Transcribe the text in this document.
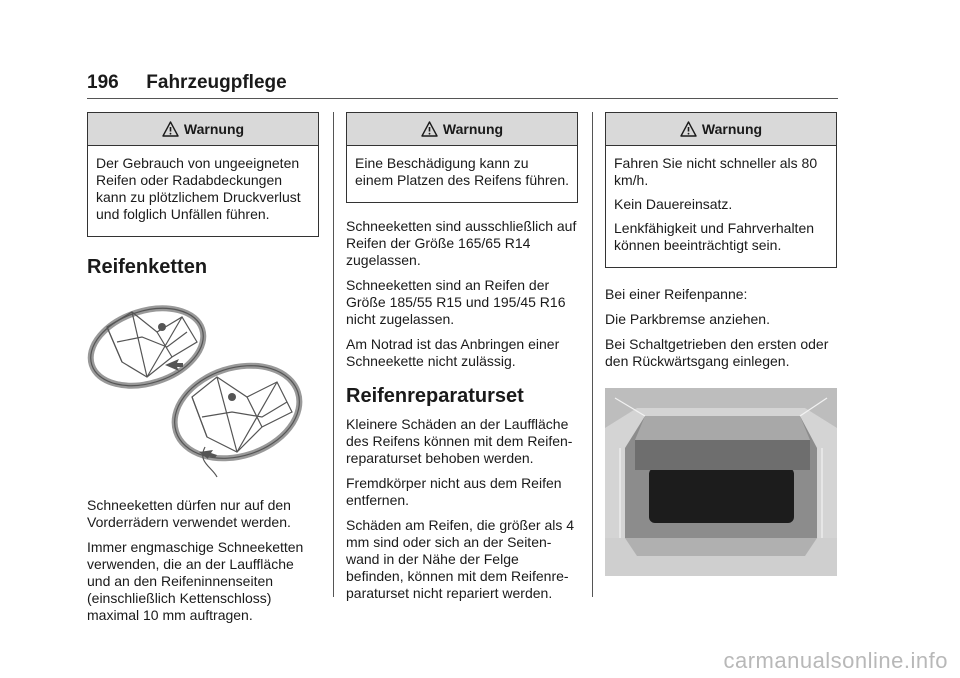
196 Fahrzeugpflege
Warnung

Der Gebrauch von ungeeigneten Reifen oder Radabdeckungen kann zu plötzlichem Druckverlust und folglich Unfällen führen.

Reifenketten

Schneeketten dürfen nur auf den Vorderrädern verwendet werden.

Immer engmaschige Schneeketten verwenden, die an der Lauffläche und an den Reifeninnenseiten (einschließlich Kettenschloss) maximal 10 mm auftragen.

Warnung

Eine Beschädigung kann zu einem Platzen des Reifens führen.

Schneeketten sind ausschließlich auf Reifen der Größe 165/65 R14 zugelassen.

Schneeketten sind an Reifen der Größe 185/55 R15 und 195/45 R16 nicht zugelassen.

Am Notrad ist das Anbringen einer Schneekette nicht zulässig.

Reifenreparaturset

Kleinere Schäden an der Lauffläche des Reifens können mit dem Reifen-reparaturset behoben werden.

Fremdkörper nicht aus dem Reifen entfernen.

Schäden am Reifen, die größer als 4 mm sind oder sich an der Seiten-wand in der Nähe der Felge befinden, können mit dem Reifenre-paraturset nicht repariert werden.

Warnung

Fahren Sie nicht schneller als 80 km/h.

Kein Dauereinsatz.

Lenkfähigkeit und Fahrverhalten können beeinträchtigt sein.

Bei einer Reifenpanne:

Die Parkbremse anziehen.

Bei Schaltgetrieben den ersten oder den Rückwärtsgang einlegen.

carmanualsonline.info
